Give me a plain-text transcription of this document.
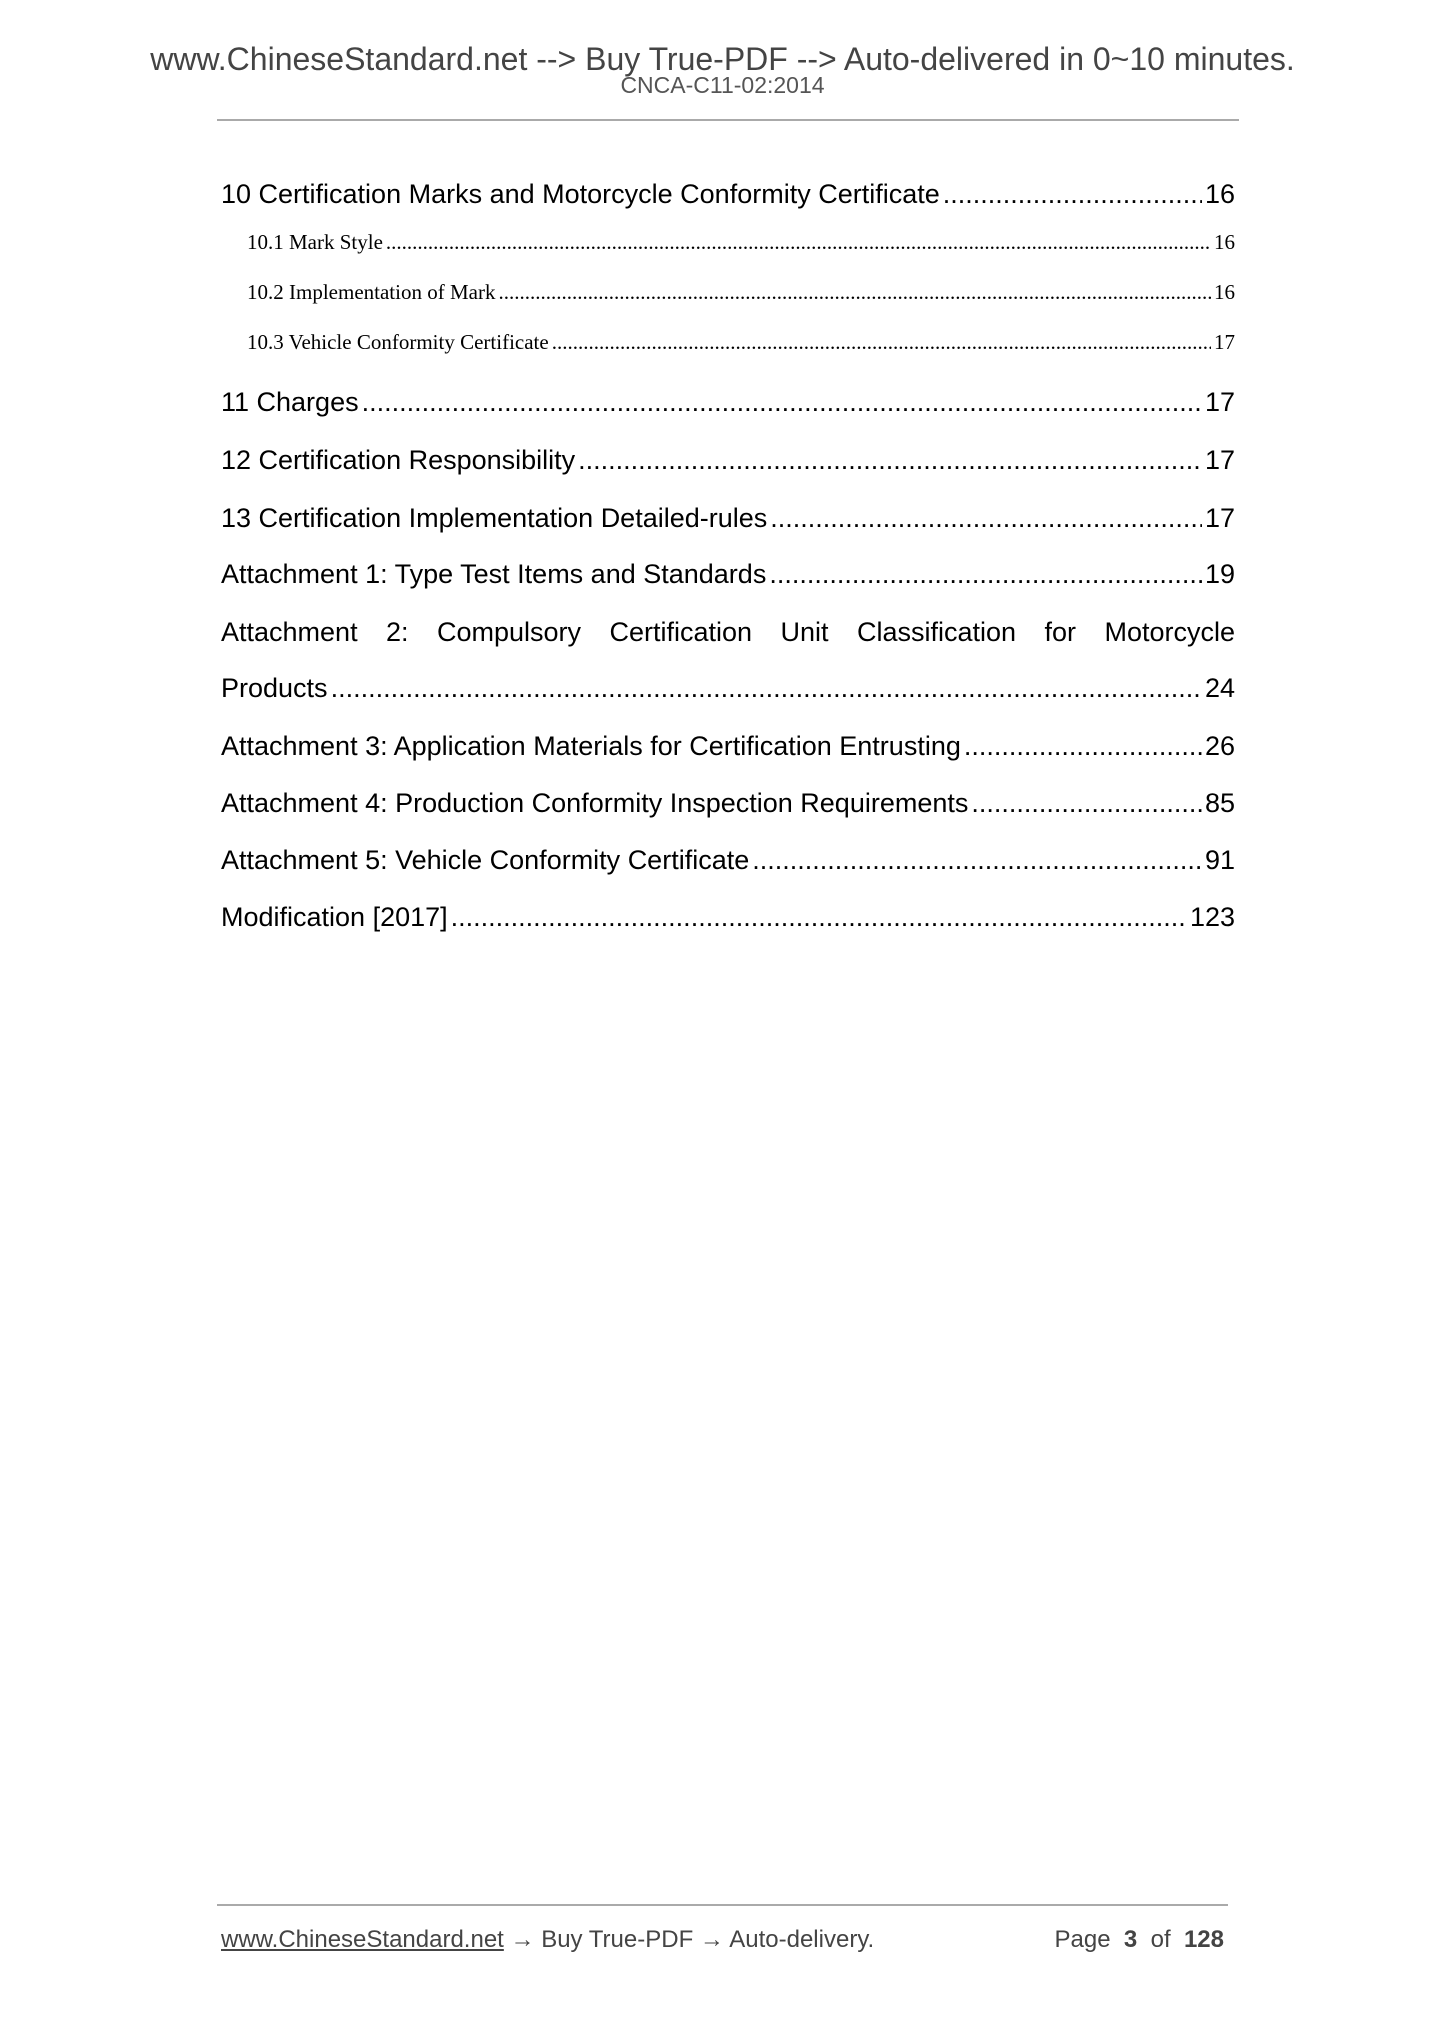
www.ChineseStandard.net --> Buy True-PDF --> Auto-delivered in 0~10 minutes.
CNCA-C11-02:2014
10 Certification Marks and Motorcycle Conformity Certificate .....	16
10.1 Mark Style .....	16
10.2 Implementation of Mark .....	16
10.3 Vehicle Conformity Certificate .....	17
11 Charges .....	17
12 Certification Responsibility .....	17
13 Certification Implementation Detailed-rules .....	17
Attachment 1: Type Test Items and Standards .....	19
Attachment 2: Compulsory Certification Unit Classification for Motorcycle
Products .....	24
Attachment 3: Application Materials for Certification Entrusting .....	26
Attachment 4: Production Conformity Inspection Requirements .....	85
Attachment 5: Vehicle Conformity Certificate .....	91
Modification [2017] .....	123
www.ChineseStandard.net → Buy True-PDF → Auto-delivery.	Page 3 of 128
